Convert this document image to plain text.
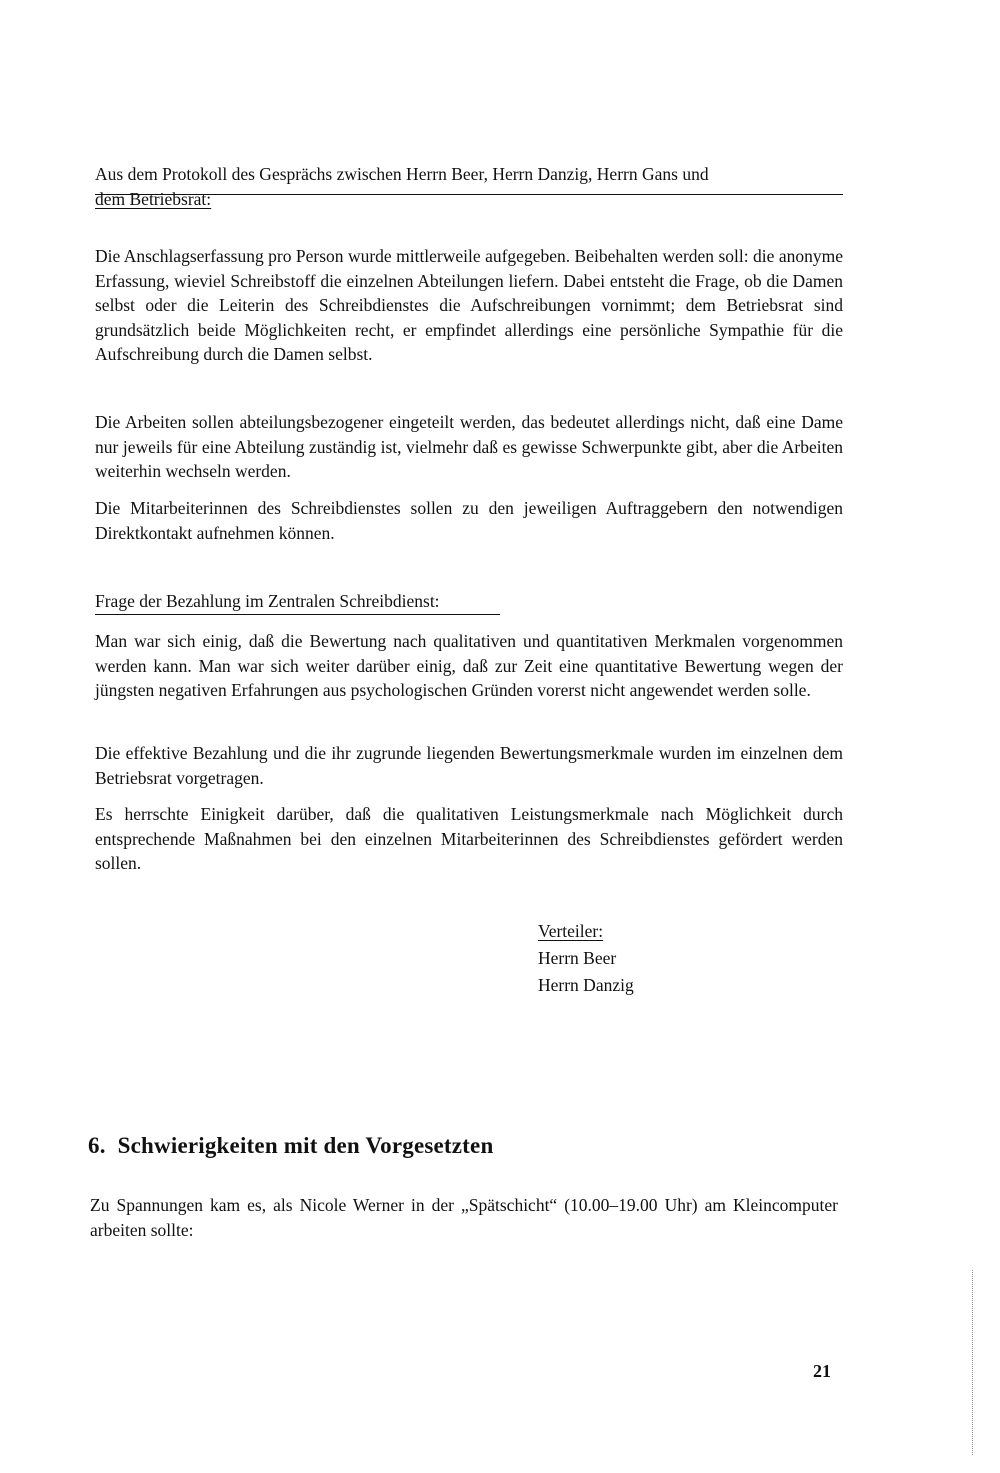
Aus dem Protokoll des Gesprächs zwischen Herrn Beer, Herrn Danzig, Herrn Gans und
dem Betriebsrat:

Die Anschlagserfassung pro Person wurde mittlerweile aufgegeben. Beibehalten werden soll: die anonyme Erfassung, wieviel Schreibstoff die einzelnen Abteilungen liefern. Dabei entsteht die Frage, ob die Damen selbst oder die Leiterin des Schreibdienstes die Aufschreibungen vornimmt; dem Betriebsrat sind grundsätzlich beide Möglichkeiten recht, er empfindet allerdings eine persönliche Sympathie für die Aufschreibung durch die Damen selbst.

Die Arbeiten sollen abteilungsbezogener eingeteilt werden, das bedeutet allerdings nicht, daß eine Dame nur jeweils für eine Abteilung zuständig ist, vielmehr daß es gewisse Schwerpunkte gibt, aber die Arbeiten weiterhin wechseln werden.

Die Mitarbeiterinnen des Schreibdienstes sollen zu den jeweiligen Auftraggebern den notwendigen Direktkontakt aufnehmen können.

Frage der Bezahlung im Zentralen Schreibdienst:

Man war sich einig, daß die Bewertung nach qualitativen und quantitativen Merkmalen vorgenommen werden kann. Man war sich weiter darüber einig, daß zur Zeit eine quantitative Bewertung wegen der jüngsten negativen Erfahrungen aus psychologischen Gründen vorerst nicht angewendet werden solle.

Die effektive Bezahlung und die ihr zugrunde liegenden Bewertungsmerkmale wurden im einzelnen dem Betriebsrat vorgetragen.

Es herrschte Einigkeit darüber, daß die qualitativen Leistungsmerkmale nach Möglichkeit durch entsprechende Maßnahmen bei den einzelnen Mitarbeiterinnen des Schreibdienstes gefördert werden sollen.

Verteiler:
Herrn Beer
Herrn Danzig
6. Schwierigkeiten mit den Vorgesetzten

Zu Spannungen kam es, als Nicole Werner in der „Spätschicht“ (10.00–19.00 Uhr) am Kleincomputer arbeiten sollte:

21
